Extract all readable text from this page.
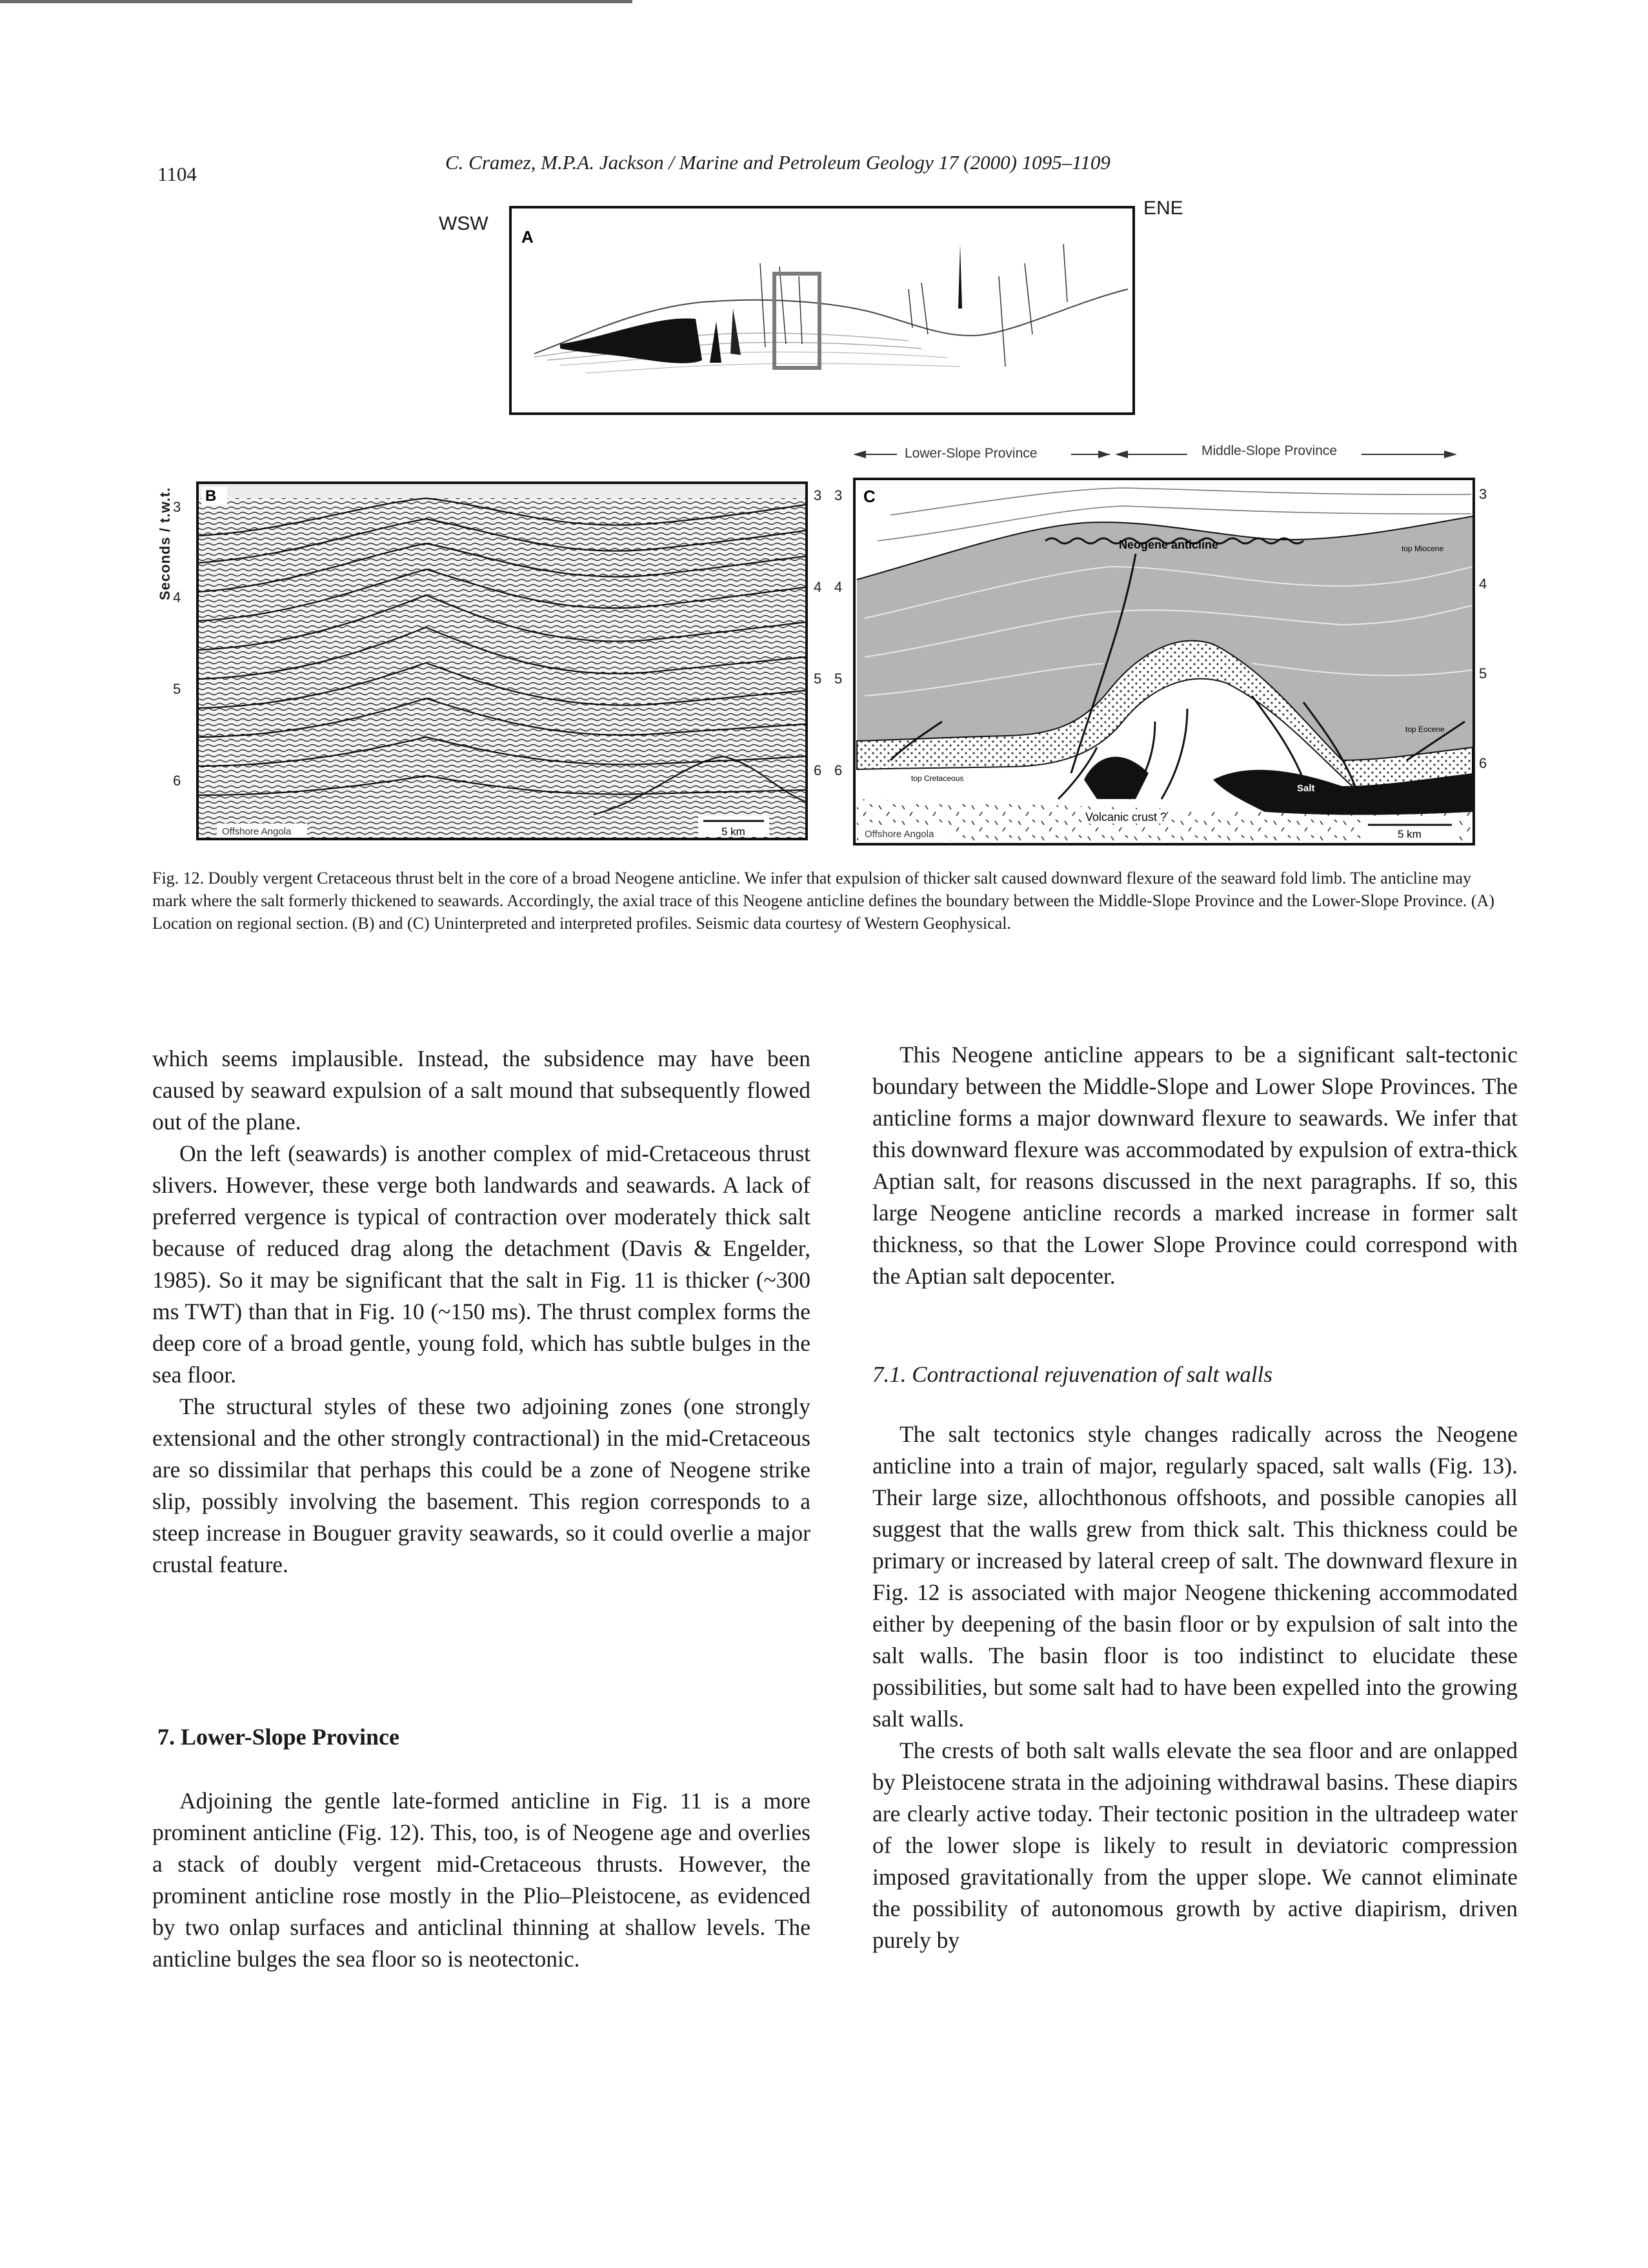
1104
C. Cramez, M.P.A. Jackson / Marine and Petroleum Geology 17 (2000) 1095–1109
WSW
ENE
A
Lower-Slope Province	Middle-Slope Province
Seconds / t.w.t. 3
4
5
6
B
Offshore Angola	5 km
3
4
5
6
3
4
5
6
C
Neogene anticline	top Miocene
top Eocene
top Cretaceous
Salt
Volcanic crust ?
Offshore Angola	5 km
3
4
5
6
Fig. 12. Doubly vergent Cretaceous thrust belt in the core of a broad Neogene anticline. We infer that expulsion of thicker salt caused downward flexure of the seaward fold limb. The anticline may mark where the salt formerly thickened to seawards. Accordingly, the axial trace of this Neogene anticline defines the boundary between the Middle-Slope Province and the Lower-Slope Province. (A) Location on regional section. (B) and (C) Uninterpreted and interpreted profiles. Seismic data courtesy of Western Geophysical.

which seems implausible. Instead, the subsidence may have been caused by seaward expulsion of a salt mound that subsequently flowed out of the plane.

On the left (seawards) is another complex of mid-Cretaceous thrust slivers. However, these verge both landwards and seawards. A lack of preferred vergence is typical of contraction over moderately thick salt because of reduced drag along the detachment (Davis & Engelder, 1985). So it may be significant that the salt in Fig. 11 is thicker (~300 ms TWT) than that in Fig. 10 (~150 ms). The thrust complex forms the deep core of a broad gentle, young fold, which has subtle bulges in the sea floor.

The structural styles of these two adjoining zones (one strongly extensional and the other strongly contractional) in the mid-Cretaceous are so dissimilar that perhaps this could be a zone of Neogene strike slip, possibly involving the basement. This region corresponds to a steep increase in Bouguer gravity seawards, so it could overlie a major crustal feature.

7. Lower-Slope Province

Adjoining the gentle late-formed anticline in Fig. 11 is a more prominent anticline (Fig. 12). This, too, is of Neogene age and overlies a stack of doubly vergent mid-Cretaceous thrusts. However, the prominent anticline rose mostly in the Plio–Pleistocene, as evidenced by two onlap surfaces and anticlinal thinning at shallow levels. The anticline bulges the sea floor so is neotectonic.

This Neogene anticline appears to be a significant salt-tectonic boundary between the Middle-Slope and Lower Slope Provinces. The anticline forms a major downward flexure to seawards. We infer that this downward flexure was accommodated by expulsion of extra-thick Aptian salt, for reasons discussed in the next paragraphs. If so, this large Neogene anticline records a marked increase in former salt thickness, so that the Lower Slope Province could correspond with the Aptian salt depocenter.

7.1. Contractional rejuvenation of salt walls

The salt tectonics style changes radically across the Neogene anticline into a train of major, regularly spaced, salt walls (Fig. 13). Their large size, allochthonous offshoots, and possible canopies all suggest that the walls grew from thick salt. This thickness could be primary or increased by lateral creep of salt. The downward flexure in Fig. 12 is associated with major Neogene thickening accommodated either by deepening of the basin floor or by expulsion of salt into the salt walls. The basin floor is too indistinct to elucidate these possibilities, but some salt had to have been expelled into the growing salt walls.

The crests of both salt walls elevate the sea floor and are onlapped by Pleistocene strata in the adjoining withdrawal basins. These diapirs are clearly active today. Their tectonic position in the ultradeep water of the lower slope is likely to result in deviatoric compression imposed gravitationally from the upper slope. We cannot eliminate the possibility of autonomous growth by active diapirism, driven purely by
